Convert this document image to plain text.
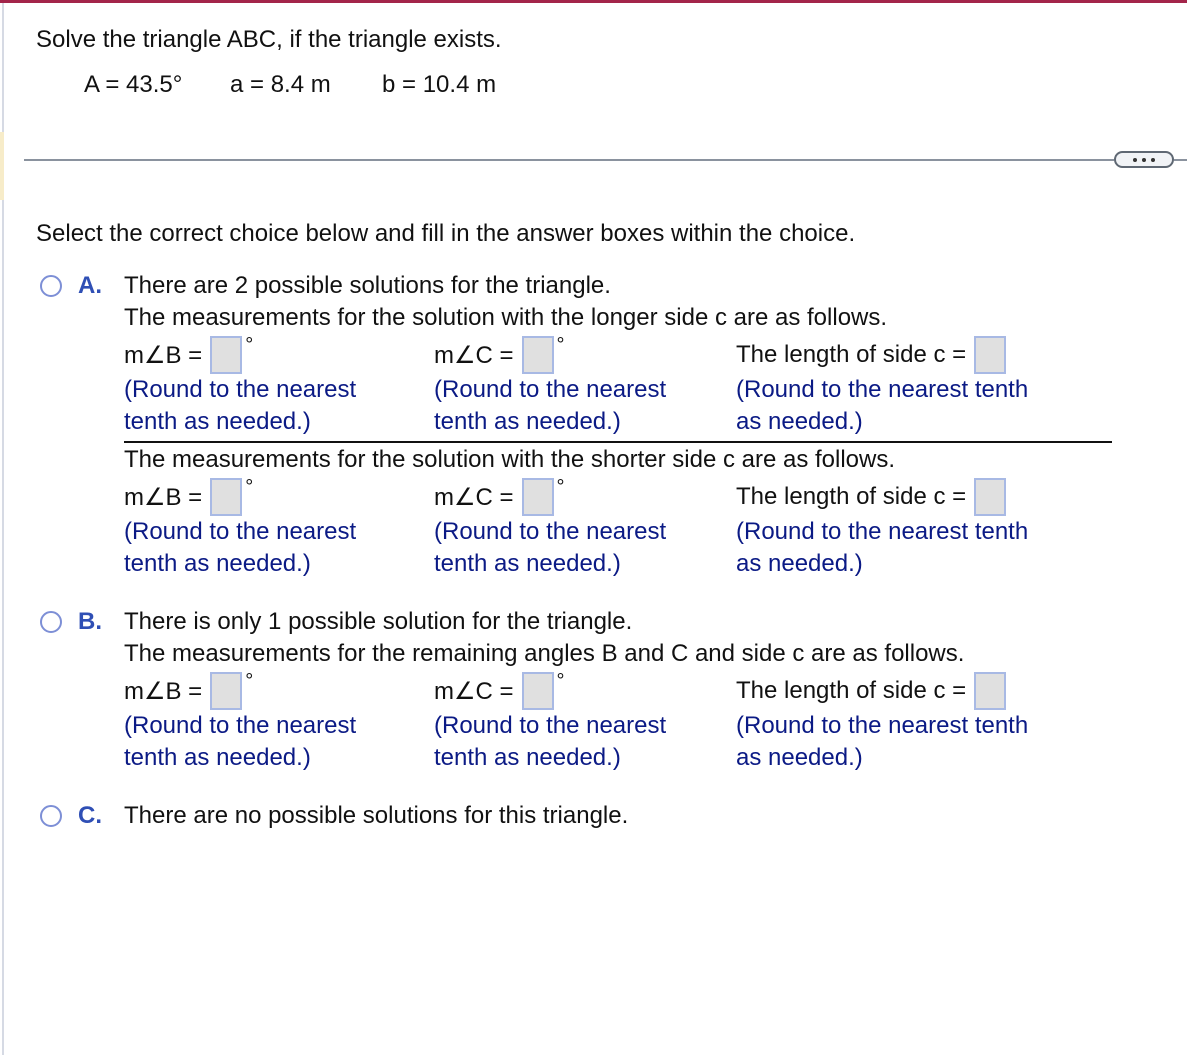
Solve the triangle ABC, if the triangle exists.
A = 43.5° a = 8.4 m b = 10.4 m
Select the correct choice below and fill in the answer boxes within the choice.
A. There are 2 possible solutions for the triangle.
The measurements for the solution with the longer side c are as follows.
m∠B = °
(Round to the nearest
tenth as needed.)
m∠C = °
(Round to the nearest
tenth as needed.)
The length of side c =
(Round to the nearest tenth
as needed.)
The measurements for the solution with the shorter side c are as follows.
m∠B = °
(Round to the nearest
tenth as needed.)
m∠C = °
(Round to the nearest
tenth as needed.)
The length of side c =
(Round to the nearest tenth
as needed.)
B. There is only 1 possible solution for the triangle.
The measurements for the remaining angles B and C and side c are as follows.
m∠B = °
(Round to the nearest
tenth as needed.)
m∠C = °
(Round to the nearest
tenth as needed.)
The length of side c =
(Round to the nearest tenth
as needed.)
C. There are no possible solutions for this triangle.
